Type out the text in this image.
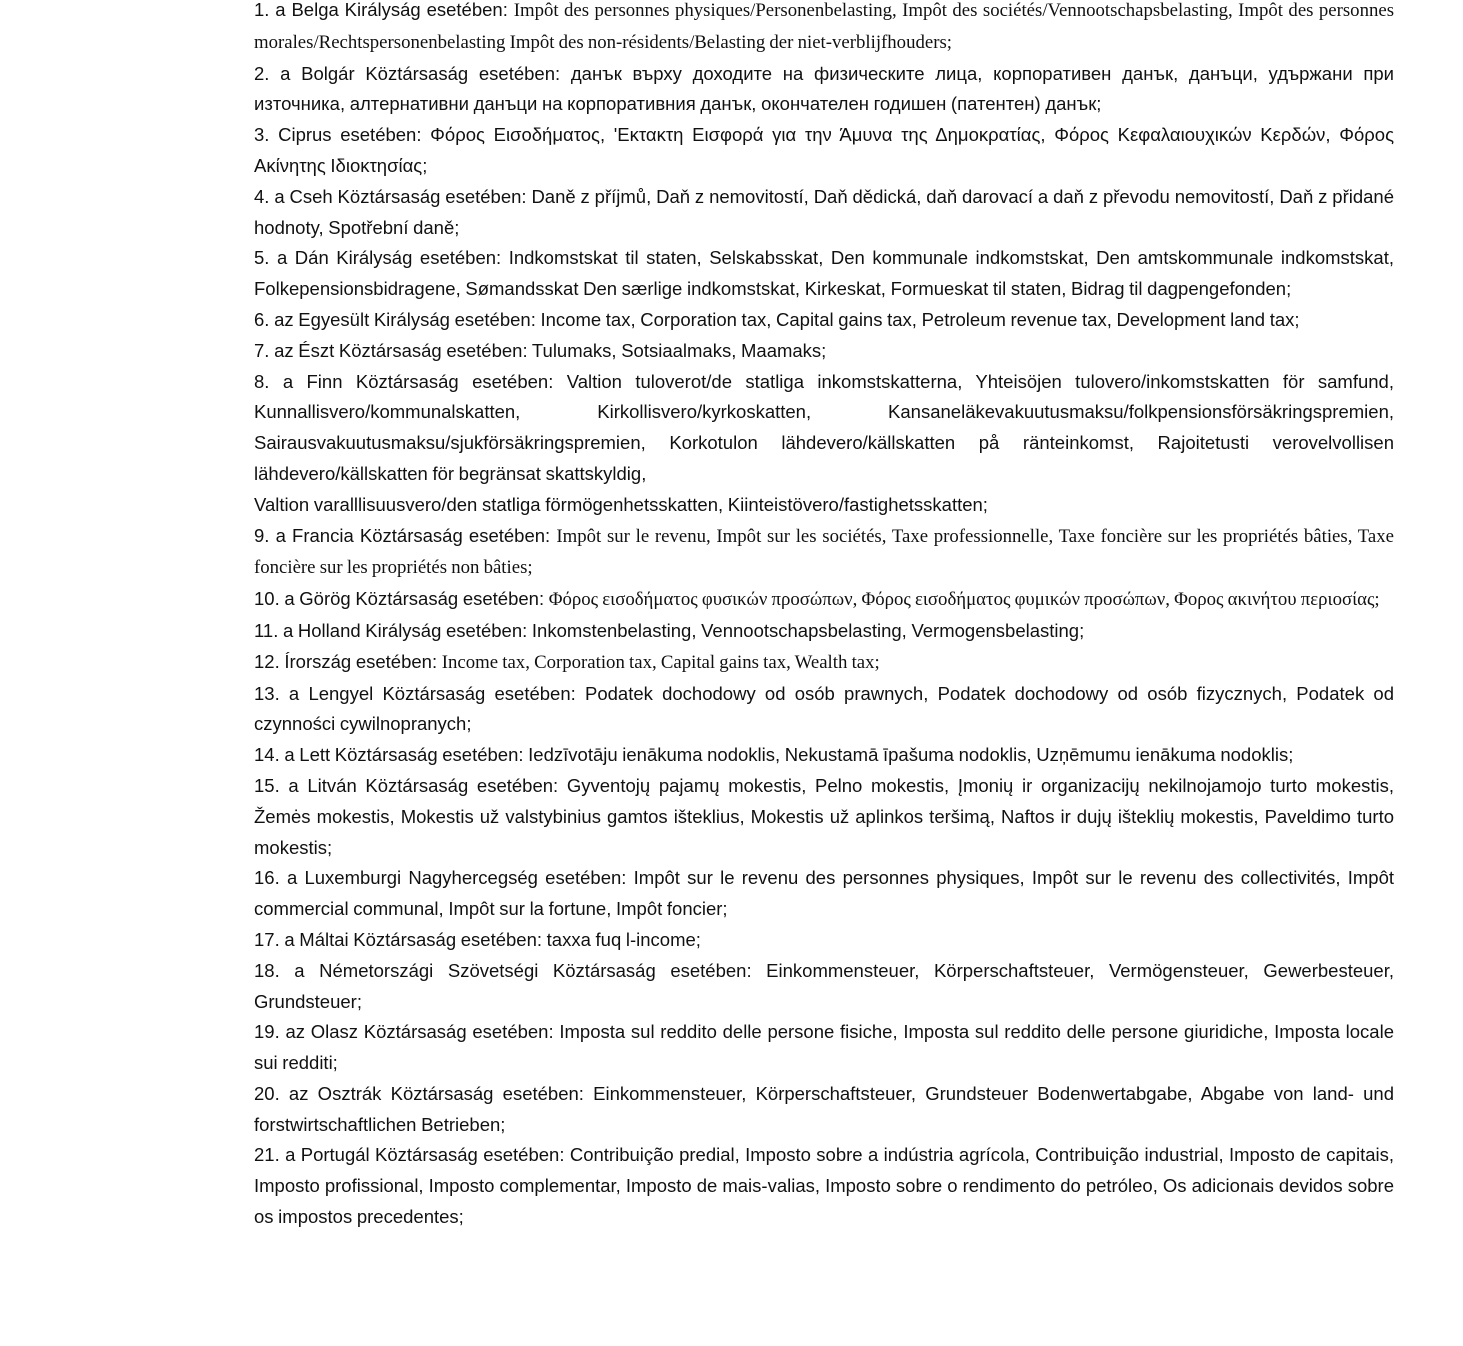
1. a Belga Királyság esetében: Impôt des personnes physiques/Personenbelasting, Impôt des sociétés/Vennootschapsbelasting, Impôt des personnes morales/Rechtspersonenbelasting Impôt des non-résidents/Belasting der niet-verblijfhouders;

2. a Bolgár Köztársaság esetében: данък върху доходите на физическите лица, корпоративен данък, данъци, удържани при източника, алтернативни данъци на корпоративния данък, окончателен годишен (патентен) данък;

3. Ciprus esetében: Φόρος Εισοδήματος, 'Εκτακτη Εισφορά για την Άμυνα της Δημοκρατίας, Φόρος Κεφαλαιουχικών Κερδών, Φόρος Ακίνητης Ιδιοκτησίας;

4. a Cseh Köztársaság esetében: Daně z příjmů, Daň z nemovitostí, Daň dědická, daň darovací a daň z převodu nemovitostí, Daň z přidané hodnoty, Spotřební daně;

5. a Dán Királyság esetében: Indkomstskat til staten, Selskabsskat, Den kommunale indkomstskat, Den amtskommunale indkomstskat, Folkepensionsbidragene, Sømandsskat Den særlige indkomstskat, Kirkeskat, Formueskat til staten, Bidrag til dagpengefonden;

6. az Egyesült Királyság esetében: Income tax, Corporation tax, Capital gains tax, Petroleum revenue tax, Development land tax;

7. az Észt Köztársaság esetében: Tulumaks, Sotsiaalmaks, Maamaks;

8. a Finn Köztársaság esetében: Valtion tuloverot/de statliga inkomstskatterna, Yhteisöjen tulovero/inkomstskatten för samfund, Kunnallisvero/kommunalskatten, Kirkollisvero/kyrkoskatten, Kansaneläkevakuutusmaksu/folkpensionsförsäkringspremien, Sairausvakuutusmaksu/sjukförsäkringspremien, Korkotulon lähdevero/källskatten på ränteinkomst, Rajoitetusti verovelvollisen lähdevero/källskatten för begränsat skattskyldig,
Valtion varalllisuusvero/den statliga förmögenhetsskatten, Kiinteistövero/fastighetsskatten;

9. a Francia Köztársaság esetében: Impôt sur le revenu, Impôt sur les sociétés, Taxe professionnelle, Taxe foncière sur les propriétés bâties, Taxe foncière sur les propriétés non bâties;

10. a Görög Köztársaság esetében: Φόρος εισοδήματος φυσικών προσώπων, Φόρος εισοδήματος φυμικών προσώπων, Φορος ακινήτου περιοσίας;

11. a Holland Királyság esetében: Inkomstenbelasting, Vennootschapsbelasting, Vermogensbelasting;

12. Írország esetében: Income tax, Corporation tax, Capital gains tax, Wealth tax;

13. a Lengyel Köztársaság esetében: Podatek dochodowy od osób prawnych, Podatek dochodowy od osób fizycznych, Podatek od czynności cywilnopranych;

14. a Lett Köztársaság esetében: Iedzīvotāju ienākuma nodoklis, Nekustamā īpašuma nodoklis, Uzņēmumu ienākuma nodoklis;

15. a Litván Köztársaság esetében: Gyventojų pajamų mokestis, Pelno mokestis, Įmonių ir organizacijų nekilnojamojo turto mokestis, Žemės mokestis, Mokestis už valstybinius gamtos išteklius, Mokestis už aplinkos teršimą, Naftos ir dujų išteklių mokestis, Paveldimo turto mokestis;

16. a Luxemburgi Nagyhercegség esetében: Impôt sur le revenu des personnes physiques, Impôt sur le revenu des collectivités, Impôt commercial communal, Impôt sur la fortune, Impôt foncier;

17. a Máltai Köztársaság esetében: taxxa fuq l-income;

18. a Németországi Szövetségi Köztársaság esetében: Einkommensteuer, Körperschaftsteuer, Vermögensteuer, Gewerbesteuer, Grundsteuer;

19. az Olasz Köztársaság esetében: Imposta sul reddito delle persone fisiche, Imposta sul reddito delle persone giuridiche, Imposta locale sui redditi;

20. az Osztrák Köztársaság esetében: Einkommensteuer, Körperschaftsteuer, Grundsteuer Bodenwertabgabe, Abgabe von land- und forstwirtschaftlichen Betrieben;

21. a Portugál Köztársaság esetében: Contribuição predial, Imposto sobre a indústria agrícola, Contribuição industrial, Imposto de capitais, Imposto profissional, Imposto complementar, Imposto de mais-valias, Imposto sobre o rendimento do petróleo, Os adicionais devidos sobre os impostos precedentes;
